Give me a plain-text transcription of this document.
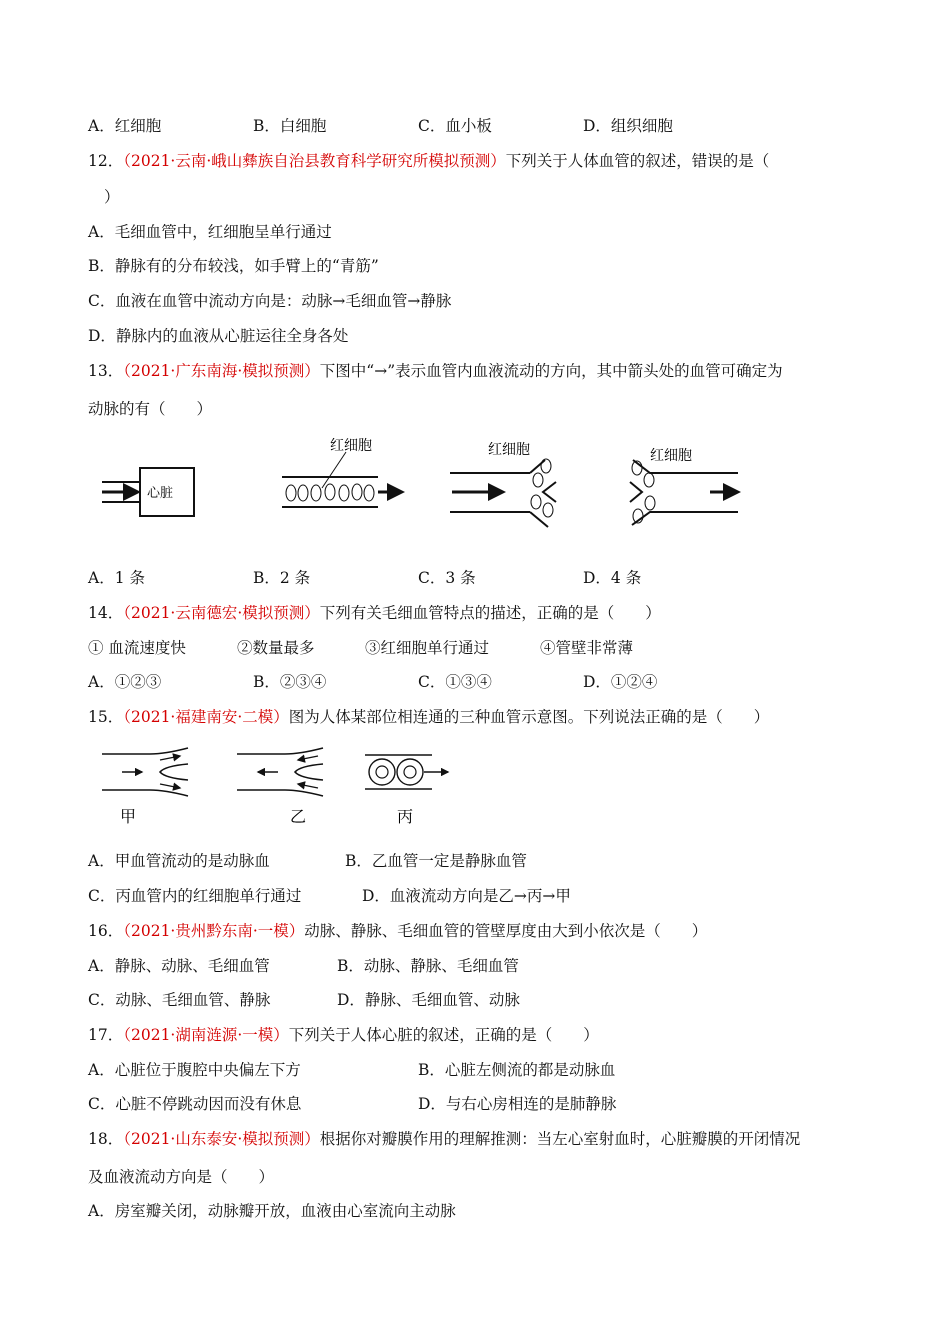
A．红细胞	B．白细胞	C．血小板	D．组织细胞
12．（2021·云南·峨山彝族自治县教育科学研究所模拟预测）下列关于人体血管的叙述，错误的是（
）
A．毛细血管中，红细胞呈单行通过
B．静脉有的分布较浅，如手臂上的“青筋”
C．血液在血管中流动方向是：动脉→毛细血管→静脉
D．静脉内的血液从心脏运往全身各处
13．（2021·广东南海·模拟预测）下图中“→”表示血管内血液流动的方向，其中箭头处的血管可确定为
动脉的有（　　）
心脏
红细胞	红细胞	红细胞
A．1 条	B．2 条	C．3 条	D．4 条
14．（2021·云南德宏·模拟预测）下列有关毛细血管特点的描述，正确的是（　　）
① 血流速度快	②数量最多	③红细胞单行通过	④管壁非常薄
A．①②③	B．②③④	C．①③④	D．①②④
15．（2021·福建南安·二模）图为人体某部位相连通的三种血管示意图。下列说法正确的是（　　）
甲	乙	丙
A．甲血管流动的是动脉血	B．乙血管一定是静脉血管
C．丙血管内的红细胞单行通过	D．血液流动方向是乙→丙→甲
16．（2021·贵州黔东南·一模）动脉、静脉、毛细血管的管壁厚度由大到小依次是（　　）
A．静脉、动脉、毛细血管	B．动脉、静脉、毛细血管
C．动脉、毛细血管、静脉	D．静脉、毛细血管、动脉
17．（2021·湖南涟源·一模）下列关于人体心脏的叙述，正确的是（　　）
A．心脏位于腹腔中央偏左下方	B．心脏左侧流的都是动脉血
C．心脏不停跳动因而没有休息	D．与右心房相连的是肺静脉
18．（2021·山东泰安·模拟预测）根据你对瓣膜作用的理解推测：当左心室射血时，心脏瓣膜的开闭情况
及血液流动方向是（　　）
A．房室瓣关闭，动脉瓣开放，血液由心室流向主动脉
